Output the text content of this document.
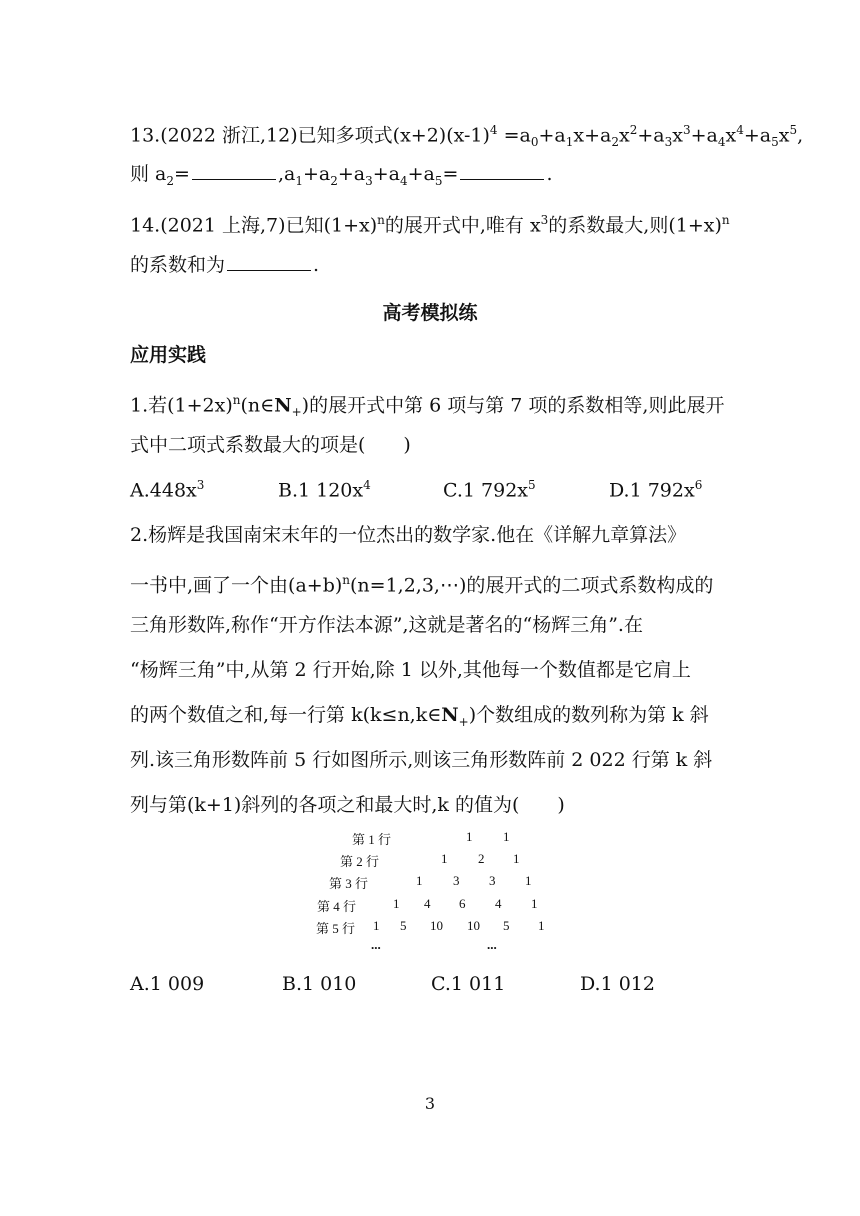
13.(2022 浙江,12)已知多项式$(x+2)(x-1)^4 =a_0+a_1x+a_2x^2+a_3x^3+a_4x^4+a_5x^5$,
则 $a_2=$	$,a_1+a_2+a_3+a_4+a_5=$	.
14.(2021 上海,7)已知$(1+x)^n$的展开式中,唯有 $x^3$的系数最大,则$(1+x)^n$
的系数和为	.
高考模拟练
应用实践
1.若$(1+2x)^n(n\in N_+)$的展开式中第 6 项与第 7 项的系数相等,则此展开
式中二项式系数最大的项是(　　)
$A.448x^3$	B.1 $120x^4$	C.1 $792x^5$	D.1 $792x^6$
2.杨辉是我国南宋末年的一位杰出的数学家.他在《详解九章算法》
一书中,画了一个由$(a+b)^n(n=1,2,3,\cdots)$的展开式的二项式系数构成的
三角形数阵,称作“开方作法本源”,这就是著名的“杨辉三角”.在
“杨辉三角”中,从第 2 行开始,除 1 以外,其他每一个数值都是它肩上
的两个数值之和,每一行第 $k(k\le n,k\in N_+)$个数组成的数列称为第 k 斜
列.该三角形数阵前 5 行如图所示,则该三角形数阵前 2 022 行第 k 斜
列与第(k+1)斜列的各项之和最大时,k 的值为(　　)
第 1 行	1 1
第 2 行	1 2 1
第 3 行	1 3 3 1
第 4 行	1 4 6 4 1
第 5 行 1 5 10 10 5 1
...	...
A.1 009	B.1 010	C.1 011	D.1 012
3
